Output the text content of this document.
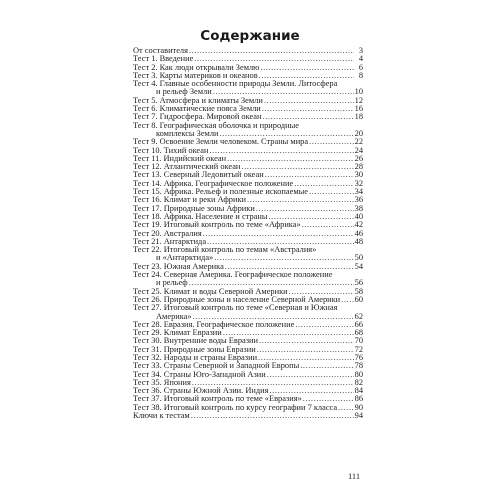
Содержание
От составителя .....	3
Тест 1. Введение .....	4
Тест 2. Как люди открывали Землю .....	6
Тест 3. Карты материков и океанов .....	8
Тест 4. Главные особенности природы Земли. Литосфера
и рельеф Земли .....	10
Тест 5. Атмосфера и климаты Земли .....	12
Тест 6. Климатические пояса Земли .....	16
Тест 7. Гидросфера. Мировой океан .....	18
Тест 8. Географическая оболочка и природные
комплексы Земли .....	20
Тест 9. Освоение Земли человеком. Страны мира .....	22
Тест 10. Тихий океан .....	24
Тест 11. Индийский океан .....	26
Тест 12. Атлантический океан .....	28
Тест 13. Северный Ледовитый океан .....	30
Тест 14. Африка. Географическое положение .....	32
Тест 15. Африка. Рельеф и полезные ископаемые .....	34
Тест 16. Климат и реки Африки .....	36
Тест 17. Природные зоны Африки .....	38
Тест 18. Африка. Население и страны .....	40
Тест 19. Итоговый контроль по теме «Африка» .....	42
Тест 20. Австралия .....	46
Тест 21. Антарктида .....	48
Тест 22. Итоговый контроль по темам «Австралия»
и «Антарктида» .....	50
Тест 23. Южная Америка .....	54
Тест 24. Северная Америка. Географическое положение
и рельеф .....	56
Тест 25. Климат и воды Северной Америки .....	58
Тест 26. Природные зоны и население Северной Америки ..... 60
Тест 27. Итоговый контроль по теме «Северная и Южная
Америка» .....	62
Тест 28. Евразия. Географическое положение .....	66
Тест 29. Климат Евразии .....	68
Тест 30. Внутренние воды Евразии .....	70
Тест 31. Природные зоны Евразии .....	72
Тест 32. Народы и страны Евразии .....	76
Тест 33. Страны Северной и Западной Европы .....	78
Тест 34. Страны Юго-Западной Азии .....	80
Тест 35. Япония .....	82
Тест 36. Страны Южной Азии. Индия .....	84
Тест 37. Итоговый контроль по теме «Евразия» .....	86
Тест 38. Итоговый контроль по курсу географии 7 класса ..... 90
Ключи к тестам .....	94
111
